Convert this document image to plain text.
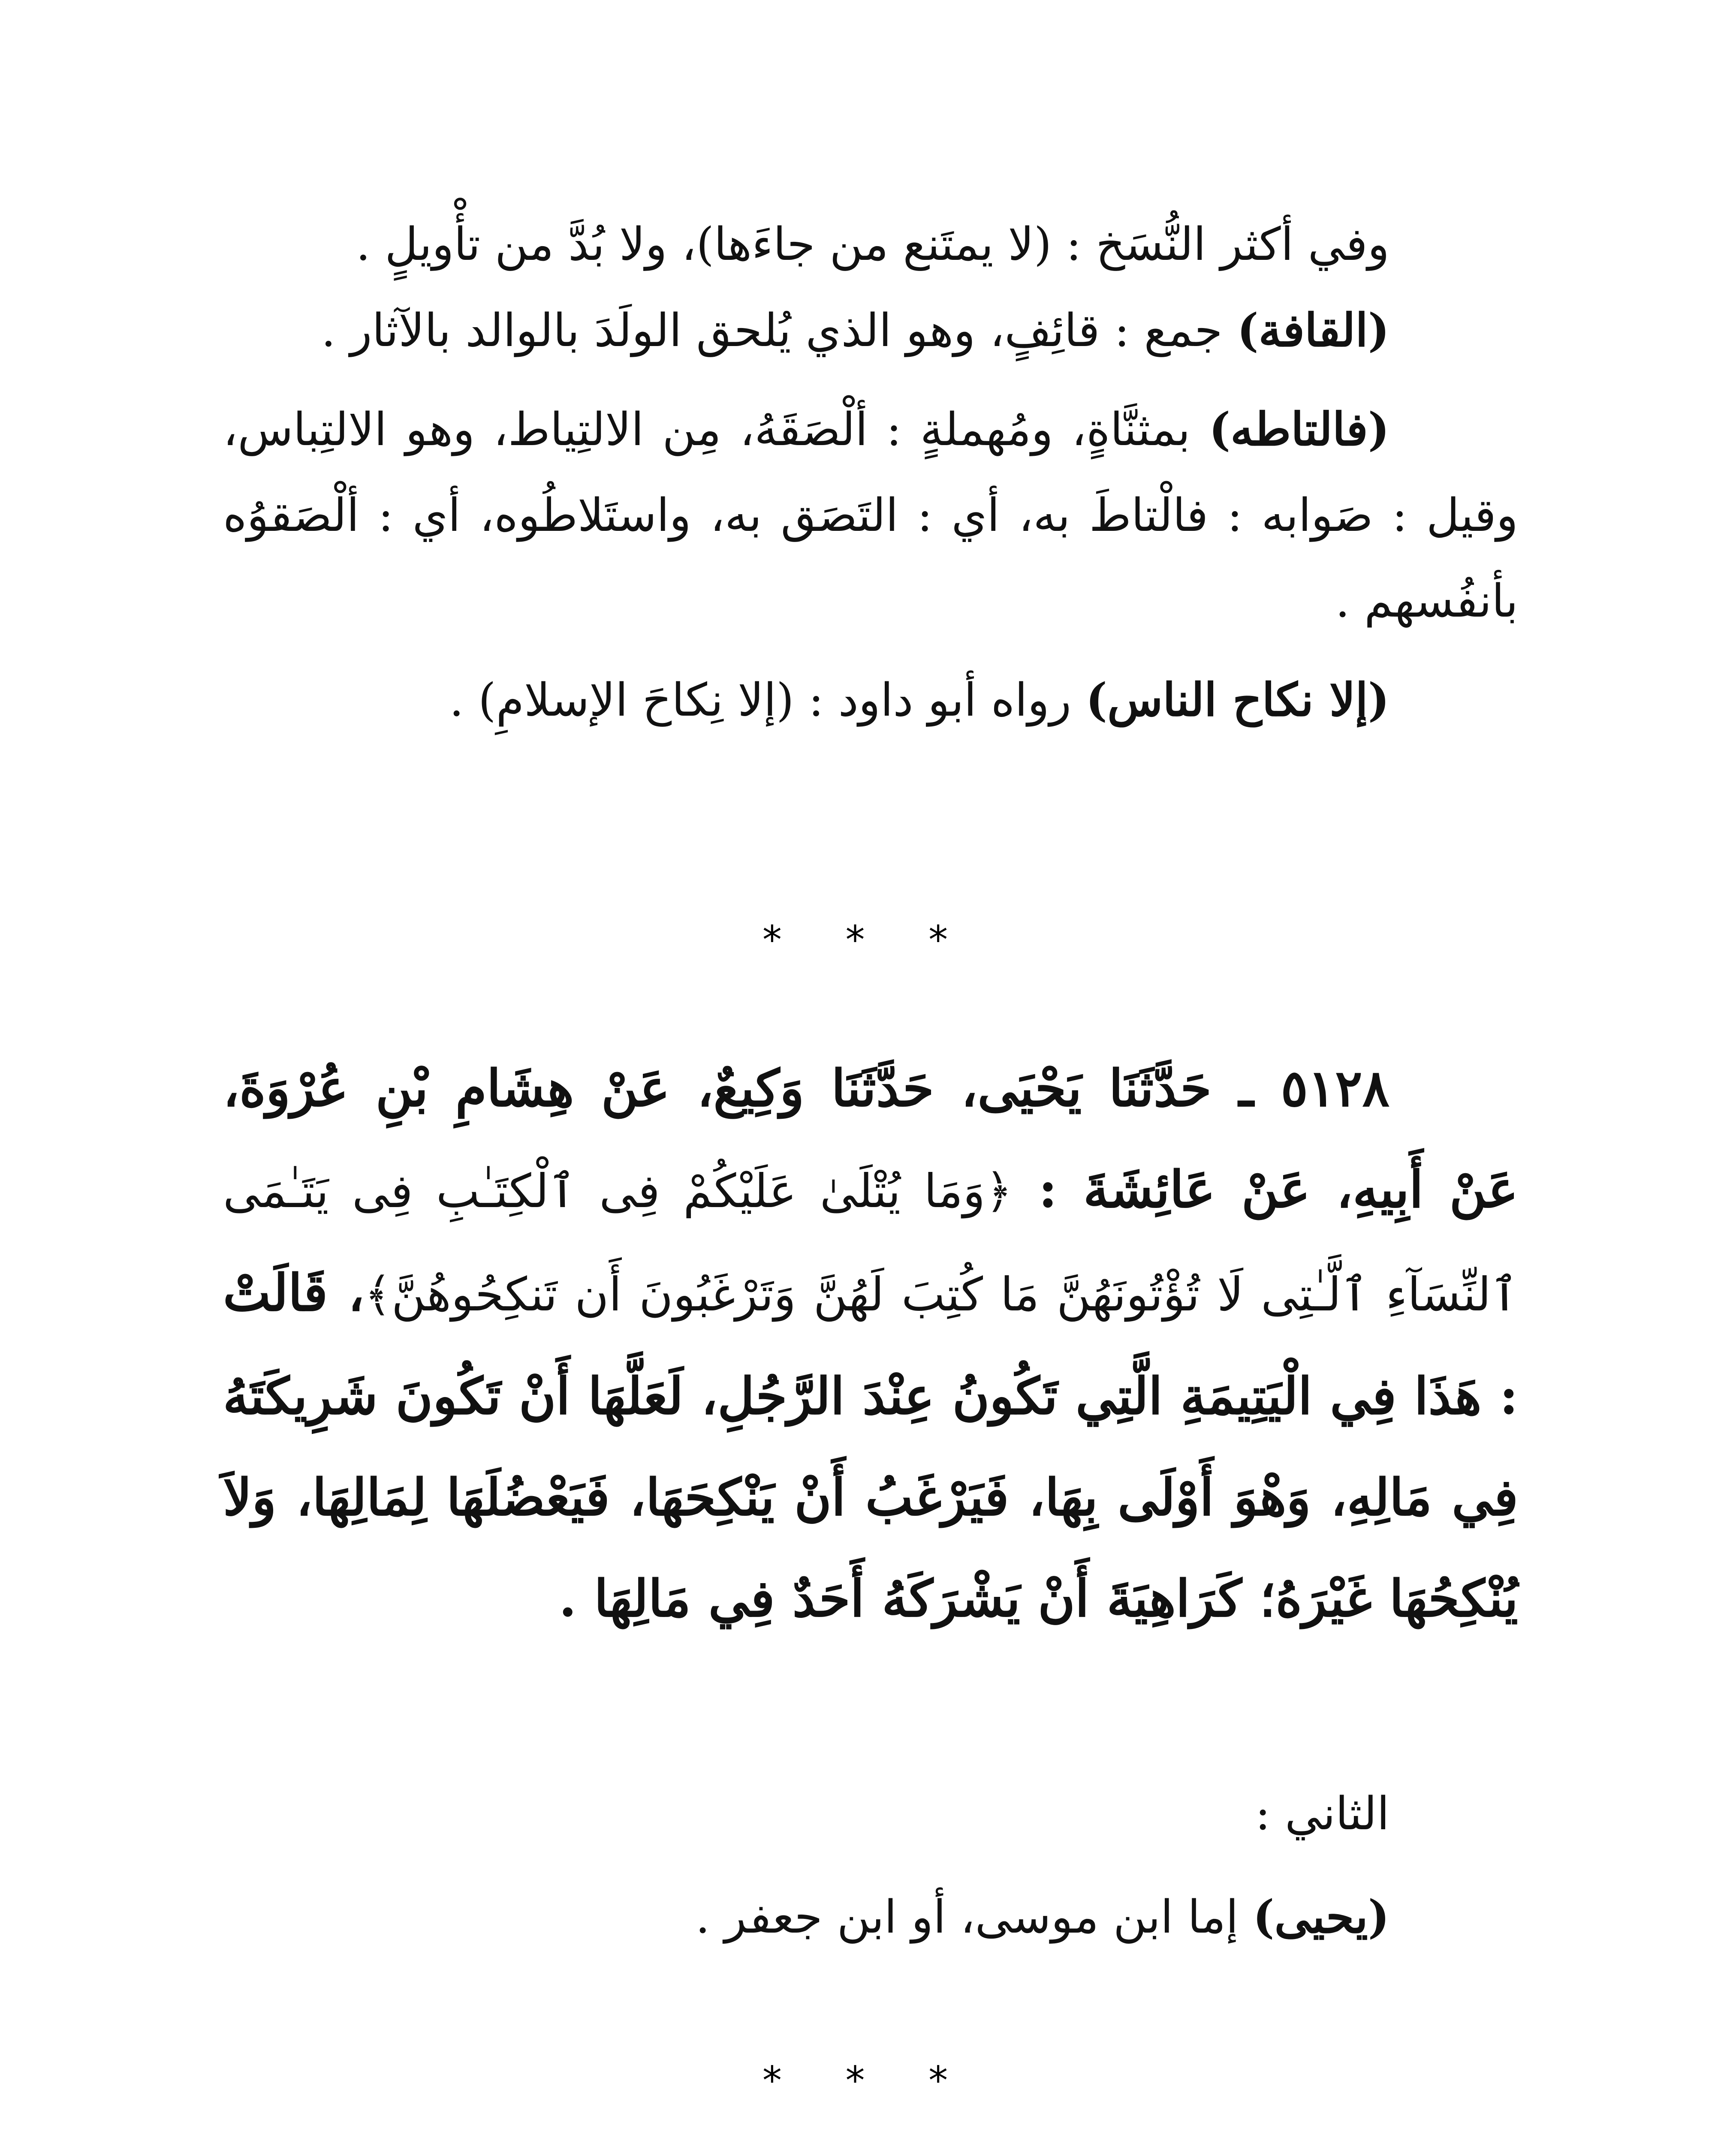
وفي أكثر النُّسَخ : (لا يمتَنع من جاءَها)، ولا بُدَّ من تأْويلٍ .

(القافة) جمع : قائِفٍ، وهو الذي يُلحق الولَدَ بالوالد بالآثار .

(فالتاطه) بمثنَّاةٍ، ومُهملةٍ : ألْصَقَهُ، مِن الالتِياط، وهو الالتِباس، وقيل : صَوابه : فالْتاطَ به، أي : التَصَق به، واستَلاطُوه، أي : ألْصَقوُه بأنفُسهم .

(إلا نكاح الناس) رواه أبو داود : (إلا نِكاحَ الإسلامِ) .

* * *

٥١٢٨ ـ حَدَّثَنَا يَحْيَى، حَدَّثَنَا وَكِيعٌ، عَنْ هِشَامِ بْنِ عُرْوَةَ، عَنْ أَبِيهِ، عَنْ عَائِشَةَ : ﴿وَمَا يُتْلَىٰ عَلَيْكُمْ فِى ٱلْكِتَـٰبِ فِى يَتَـٰمَى ٱلنِّسَآءِ ٱلَّـٰتِى لَا تُؤْتُونَهُنَّ مَا كُتِبَ لَهُنَّ وَتَرْغَبُونَ أَن تَنكِحُوهُنَّ﴾، قَالَتْ : هَذَا فِي الْيَتِيمَةِ الَّتِي تَكُونُ عِنْدَ الرَّجُلِ، لَعَلَّهَا أَنْ تَكُونَ شَرِيكَتَهُ فِي مَالِهِ، وَهْوَ أَوْلَى بِهَا، فَيَرْغَبُ أَنْ يَنْكِحَهَا، فَيَعْضُلَهَا لِمَالِهَا، وَلاَ يُنْكِحُهَا غَيْرَهُ؛ كَرَاهِيَةَ أَنْ يَشْرَكَهُ أَحَدٌ فِي مَالِهَا .

الثاني :

(يحيى) إما ابن موسى، أو ابن جعفر .

* * *
